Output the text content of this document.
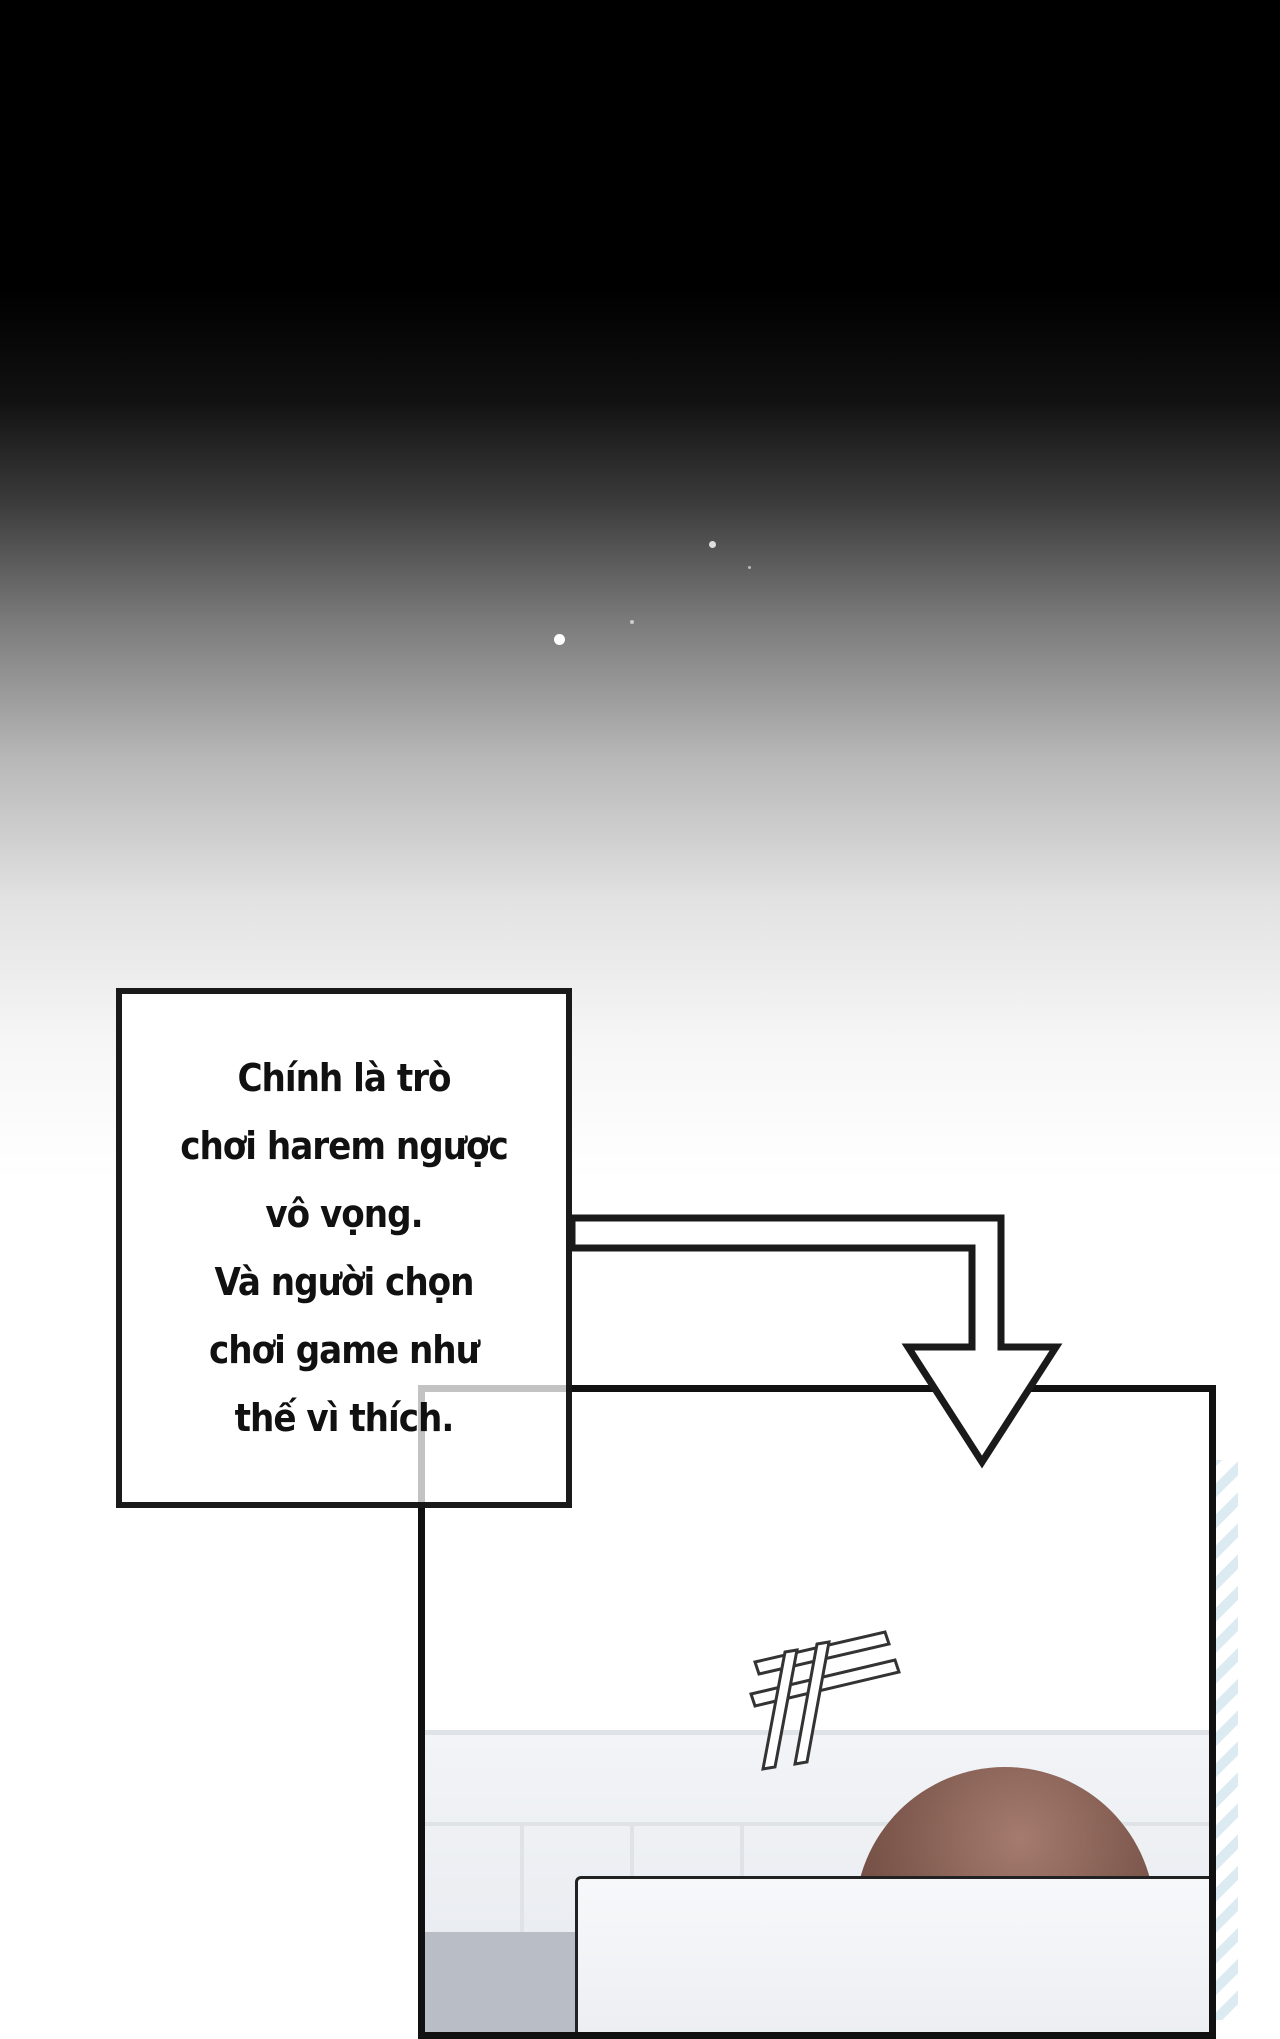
Chính là trò
chơi harem ngược
vô vọng.
Và người chọn
chơi game như
thế vì thích.
